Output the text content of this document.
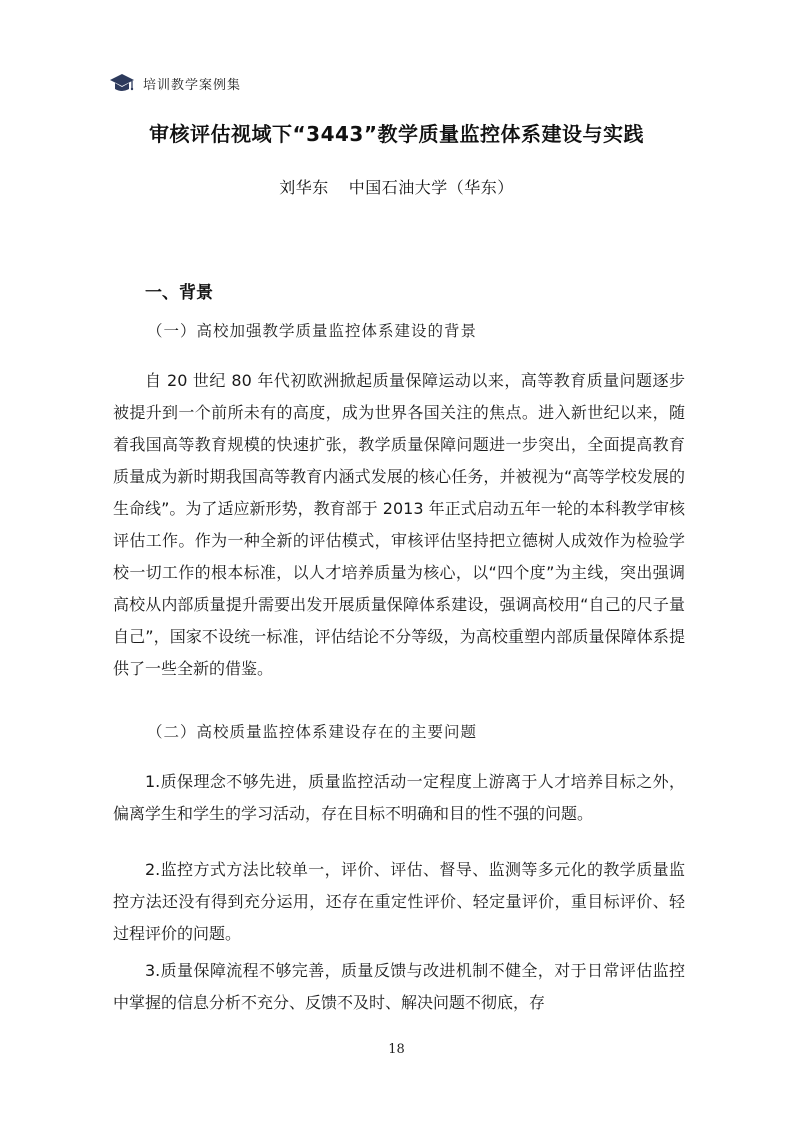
培训教学案例集
审核评估视域下“3443”教学质量监控体系建设与实践
刘华东 中国石油大学（华东）
一、背景
（一）高校加强教学质量监控体系建设的背景

自 20 世纪 80 年代初欧洲掀起质量保障运动以来，高等教育质量问题逐步被提升到一个前所未有的高度，成为世界各国关注的焦点。进入新世纪以来，随着我国高等教育规模的快速扩张，教学质量保障问题进一步突出，全面提高教育质量成为新时期我国高等教育内涵式发展的核心任务，并被视为“高等学校发展的生命线”。为了适应新形势，教育部于 2013 年正式启动五年一轮的本科教学审核评估工作。作为一种全新的评估模式，审核评估坚持把立德树人成效作为检验学校一切工作的根本标准，以人才培养质量为核心，以“四个度”为主线，突出强调高校从内部质量提升需要出发开展质量保障体系建设，强调高校用“自己的尺子量自己”，国家不设统一标准，评估结论不分等级，为高校重塑内部质量保障体系提供了一些全新的借鉴。

（二）高校质量监控体系建设存在的主要问题

1.质保理念不够先进，质量监控活动一定程度上游离于人才培养目标之外，偏离学生和学生的学习活动，存在目标不明确和目的性不强的问题。

2.监控方式方法比较单一，评价、评估、督导、监测等多元化的教学质量监控方法还没有得到充分运用，还存在重定性评价、轻定量评价，重目标评价、轻过程评价的问题。

3.质量保障流程不够完善，质量反馈与改进机制不健全，对于日常评估监控中掌握的信息分析不充分、反馈不及时、解决问题不彻底，存

18
